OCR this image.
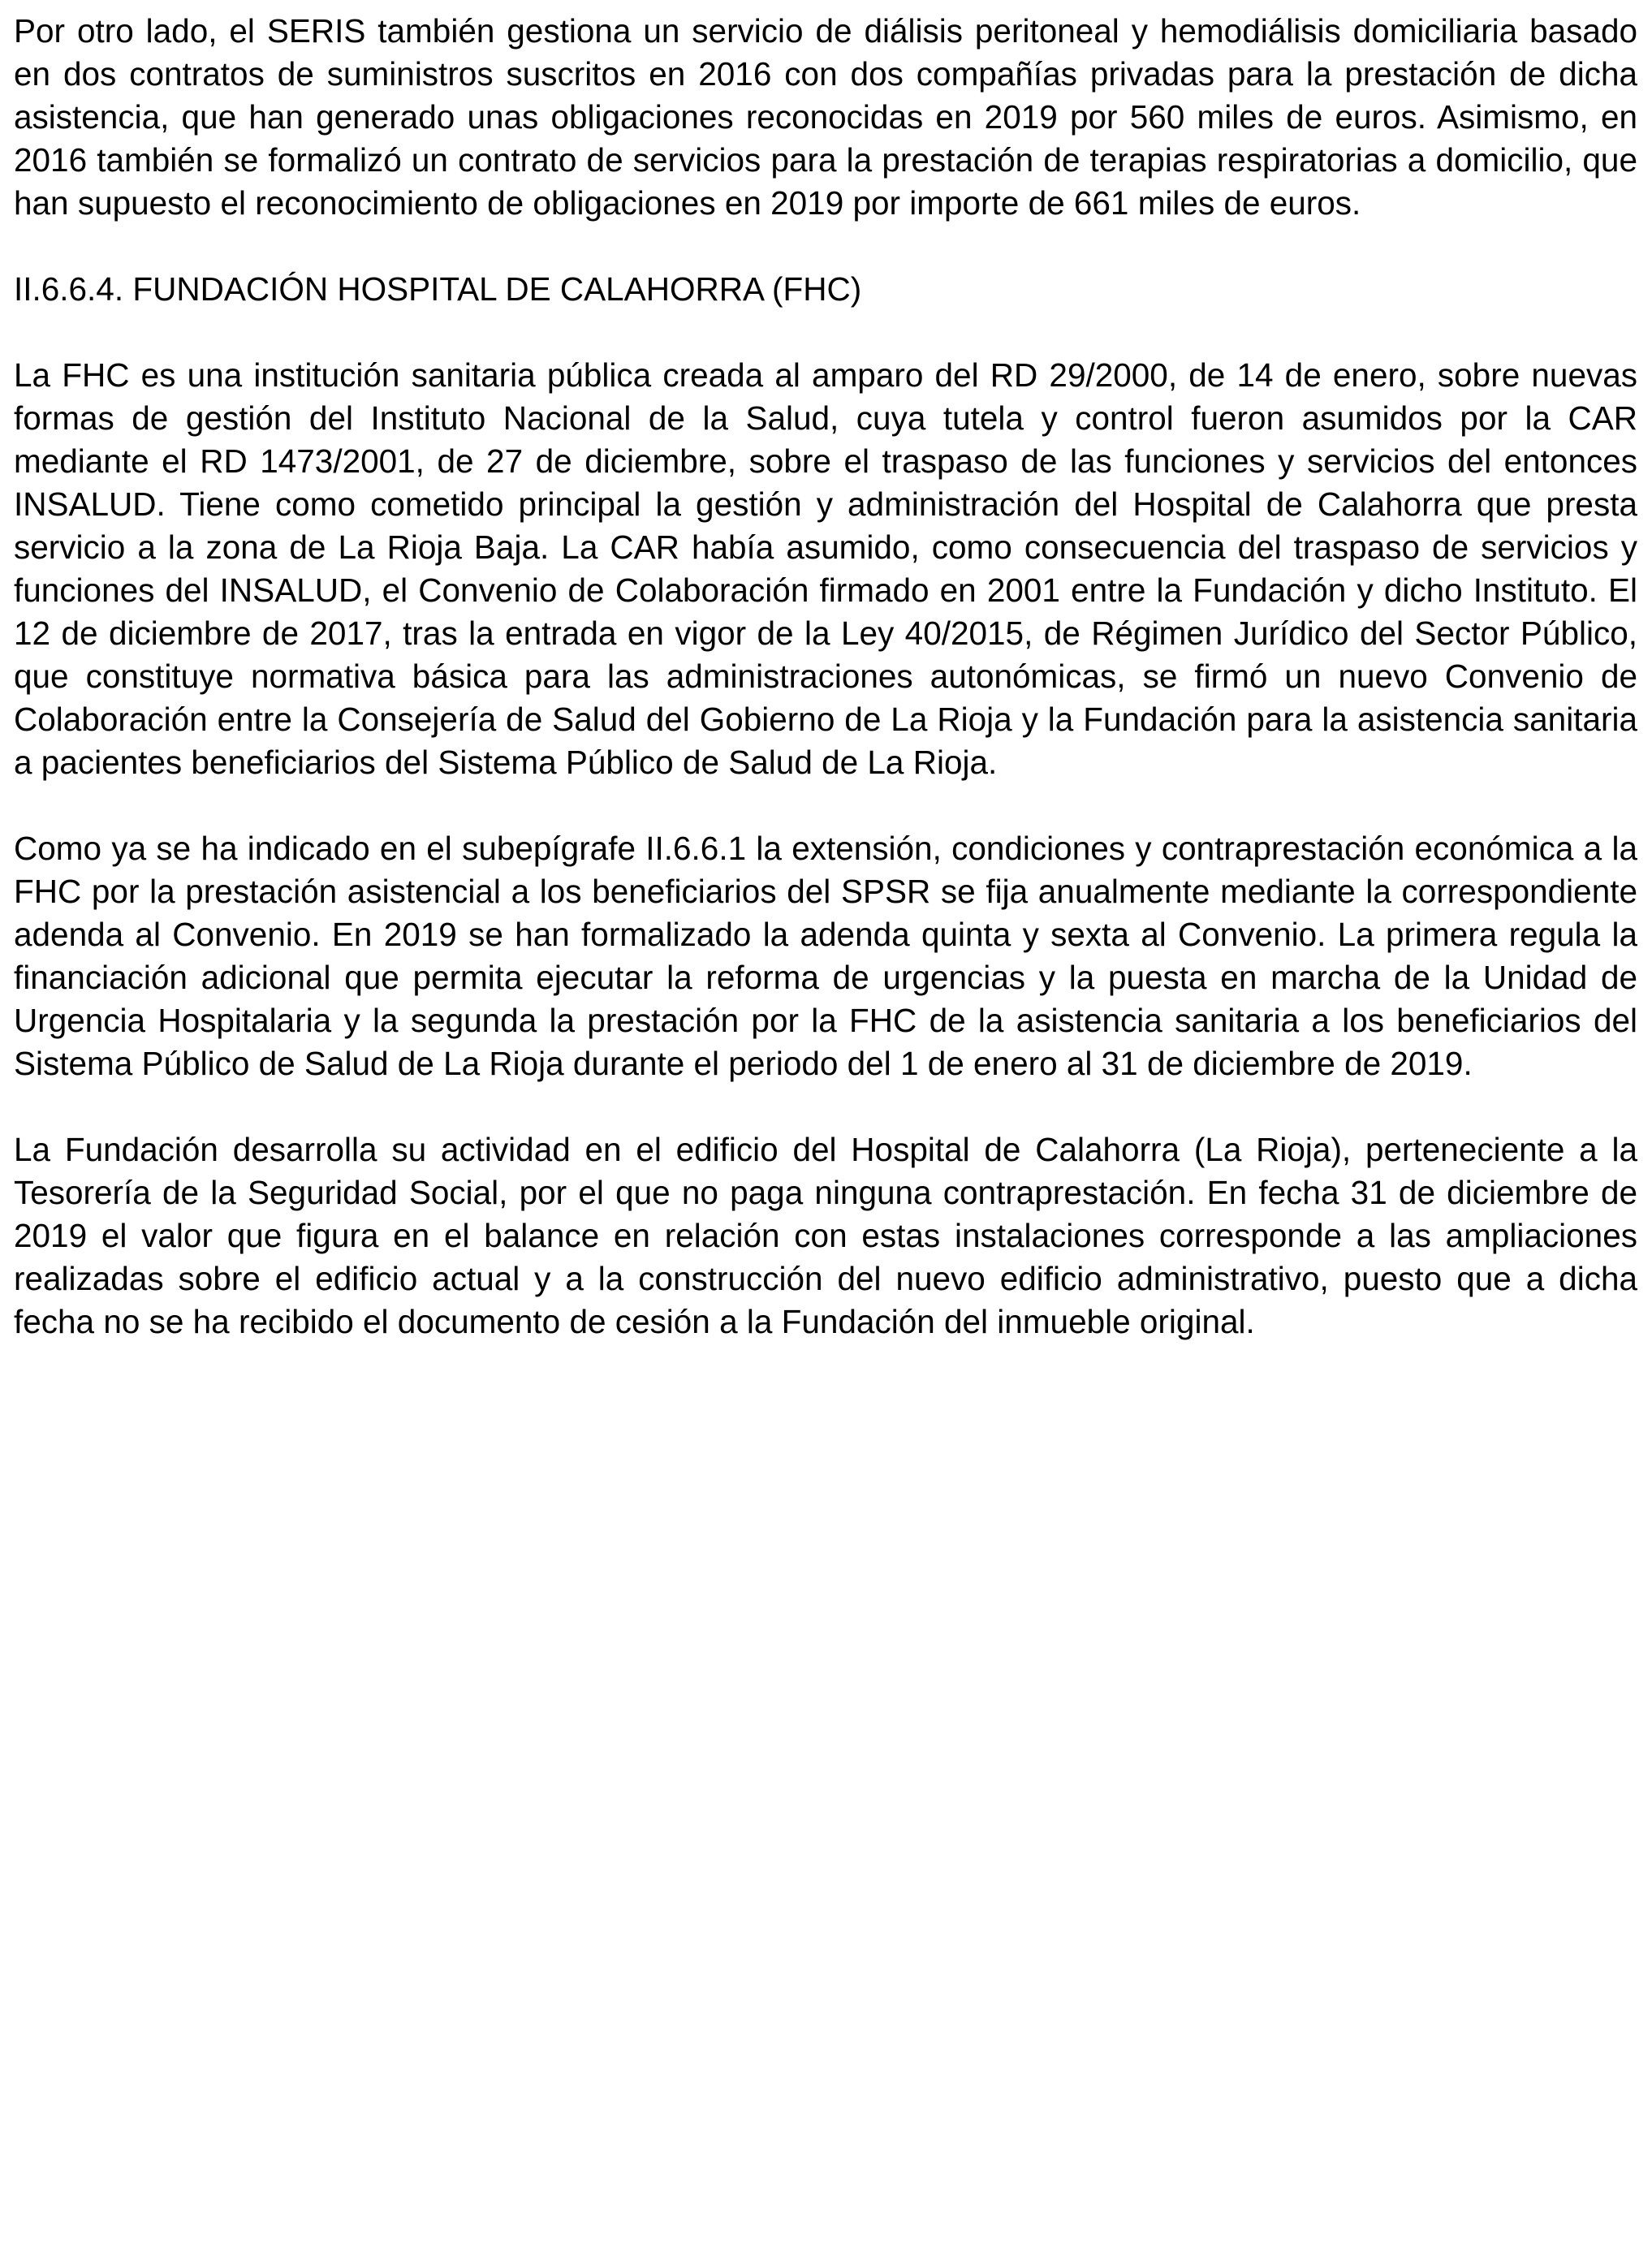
Por otro lado, el SERIS también gestiona un servicio de diálisis peritoneal y hemodiálisis domiciliaria basado en dos contratos de suministros suscritos en 2016 con dos compañías privadas para la prestación de dicha asistencia, que han generado unas obligaciones reconocidas en 2019 por 560 miles de euros. Asimismo, en 2016 también se formalizó un contrato de servicios para la prestación de terapias respiratorias a domicilio, que han supuesto el reconocimiento de obligaciones en 2019 por importe de 661 miles de euros.

II.6.6.4. FUNDACIÓN HOSPITAL DE CALAHORRA (FHC)

La FHC es una institución sanitaria pública creada al amparo del RD 29/2000, de 14 de enero, sobre nuevas formas de gestión del Instituto Nacional de la Salud, cuya tutela y control fueron asumidos por la CAR mediante el RD 1473/2001, de 27 de diciembre, sobre el traspaso de las funciones y servicios del entonces INSALUD. Tiene como cometido principal la gestión y administración del Hospital de Calahorra que presta servicio a la zona de La Rioja Baja. La CAR había asumido, como consecuencia del traspaso de servicios y funciones del INSALUD, el Convenio de Colaboración firmado en 2001 entre la Fundación y dicho Instituto. El 12 de diciembre de 2017, tras la entrada en vigor de la Ley 40/2015, de Régimen Jurídico del Sector Público, que constituye normativa básica para las administraciones autonómicas, se firmó un nuevo Convenio de Colaboración entre la Consejería de Salud del Gobierno de La Rioja y la Fundación para la asistencia sanitaria a pacientes beneficiarios del Sistema Público de Salud de La Rioja.

Como ya se ha indicado en el subepígrafe II.6.6.1 la extensión, condiciones y contraprestación económica a la FHC por la prestación asistencial a los beneficiarios del SPSR se fija anualmente mediante la correspondiente adenda al Convenio. En 2019 se han formalizado la adenda quinta y sexta al Convenio. La primera regula la financiación adicional que permita ejecutar la reforma de urgencias y la puesta en marcha de la Unidad de Urgencia Hospitalaria y la segunda la prestación por la FHC de la asistencia sanitaria a los beneficiarios del Sistema Público de Salud de La Rioja durante el periodo del 1 de enero al 31 de diciembre de 2019.

La Fundación desarrolla su actividad en el edificio del Hospital de Calahorra (La Rioja), perteneciente a la Tesorería de la Seguridad Social, por el que no paga ninguna contraprestación. En fecha 31 de diciembre de 2019 el valor que figura en el balance en relación con estas instalaciones corresponde a las ampliaciones realizadas sobre el edificio actual y a la construcción del nuevo edificio administrativo, puesto que a dicha fecha no se ha recibido el documento de cesión a la Fundación del inmueble original.
